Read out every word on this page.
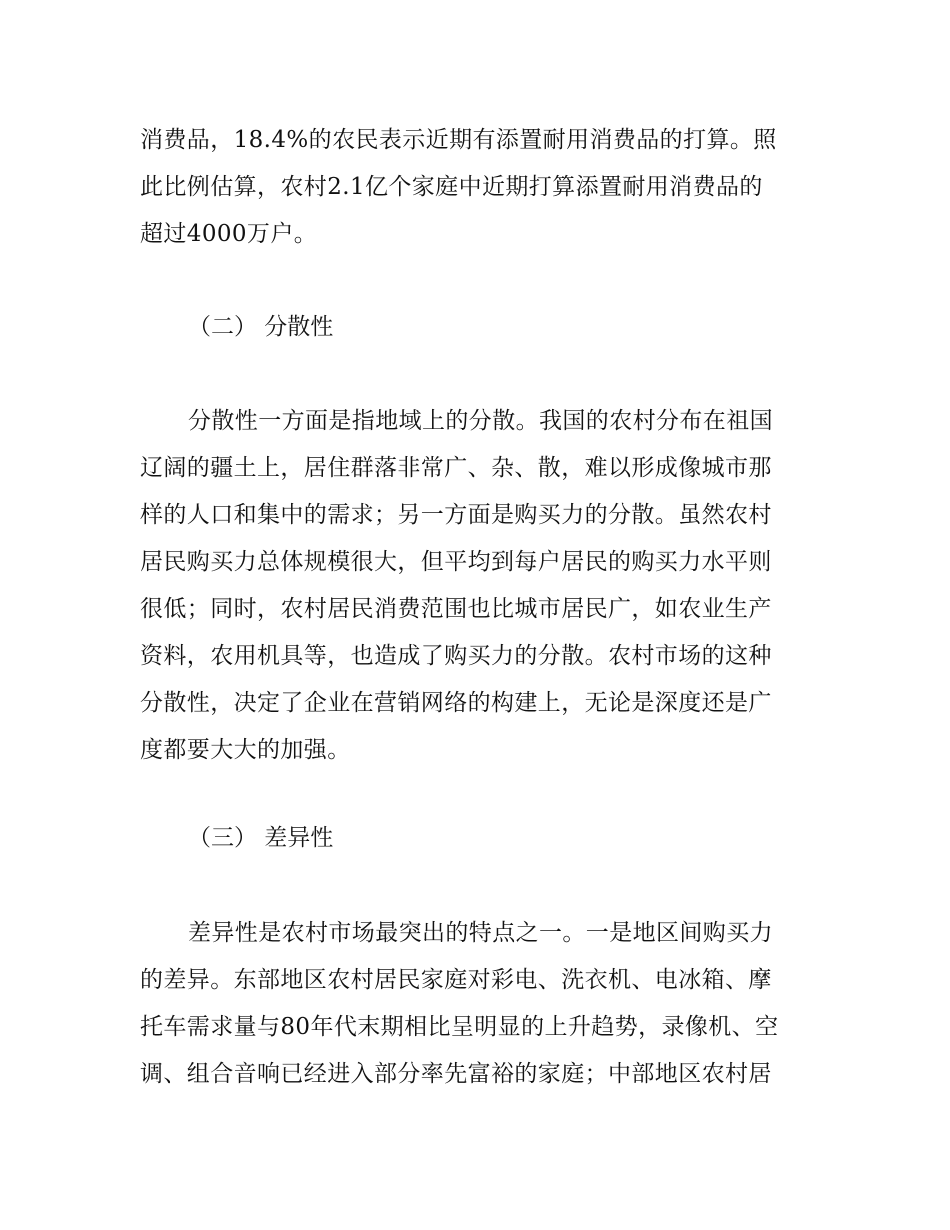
消费品，18.4%的农民表示近期有添置耐用消费品的打算。照
此比例估算，农村2.1亿个家庭中近期打算添置耐用消费品的
超过4000万户。

（二） 分散性

分散性一方面是指地域上的分散。我国的农村分布在祖国
辽阔的疆土上，居住群落非常广、杂、散，难以形成像城市那
样的人口和集中的需求；另一方面是购买力的分散。虽然农村
居民购买力总体规模很大，但平均到每户居民的购买力水平则
很低；同时，农村居民消费范围也比城市居民广，如农业生产
资料，农用机具等，也造成了购买力的分散。农村市场的这种
分散性，决定了企业在营销网络的构建上，无论是深度还是广
度都要大大的加强。

（三） 差异性

差异性是农村市场最突出的特点之一。一是地区间购买力
的差异。东部地区农村居民家庭对彩电、洗衣机、电冰箱、摩
托车需求量与80年代末期相比呈明显的上升趋势，录像机、空
调、组合音响已经进入部分率先富裕的家庭；中部地区农村居
